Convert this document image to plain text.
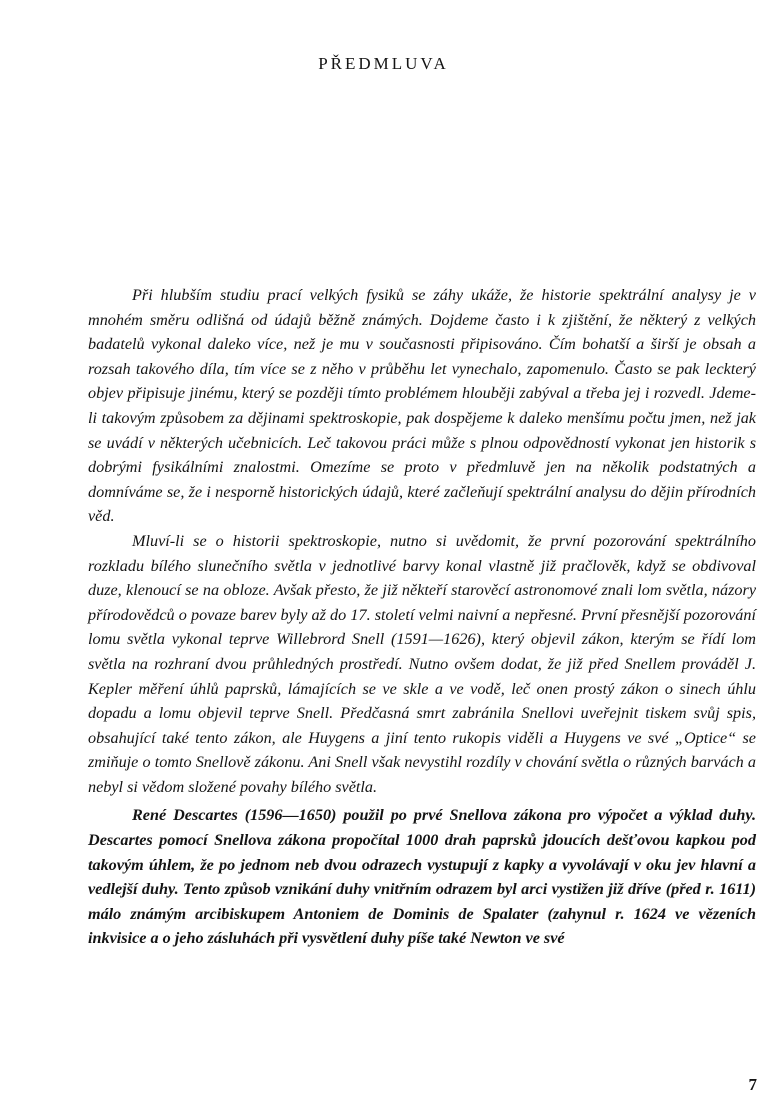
PŘEDMLUVA

Při hlubším studiu prací velkých fysiků se záhy ukáže, že historie spektrální analysy je v mnohém směru odlišná od údajů běžně známých. Dojdeme často i k zjištění, že některý z velkých badatelů vykonal daleko více, než je mu v současnosti připisováno. Čím bohatší a širší je obsah a rozsah takového díla, tím více se z něho v průběhu let vynechalo, zapomenulo. Často se pak leckterý objev připisuje jinému, který se později tímto problémem hlouběji zabýval a třeba jej i rozvedl. Jdeme-li takovým způsobem za dějinami spektroskopie, pak dospějeme k daleko menšímu počtu jmen, než jak se uvádí v některých učebnicích. Leč takovou práci může s plnou odpovědností vykonat jen historik s dobrými fysikálními znalostmi. Omezíme se proto v předmluvě jen na několik podstatných a domníváme se, že i nesporně historických údajů, které začleňují spektrální analysu do dějin přírodních věd.

Mluví-li se o historii spektroskopie, nutno si uvědomit, že první pozorování spektrálního rozkladu bílého slunečního světla v jednotlivé barvy konal vlastně již pračlověk, když se obdivoval duze, klenoucí se na obloze. Avšak přesto, že již někteří starověcí astronomové znali lom světla, názory přírodovědců o povaze barev byly až do 17. století velmi naivní a nepřesné. První přesnější pozorování lomu světla vykonal teprve Willebrord Snell (1591—1626), který objevil zákon, kterým se řídí lom světla na rozhraní dvou průhledných prostředí. Nutno ovšem dodat, že již před Snellem prováděl J. Kepler měření úhlů paprsků, lámajících se ve skle a ve vodě, leč onen prostý zákon o sinech úhlu dopadu a lomu objevil teprve Snell. Předčasná smrt zabránila Snellovi uveřejnit tiskem svůj spis, obsahující také tento zákon, ale Huygens a jiní tento rukopis viděli a Huygens ve své „Optice“ se zmiňuje o tomto Snellově zákonu. Ani Snell však nevystihl rozdíly v chování světla o různých barvách a nebyl si vědom složené povahy bílého světla.

René Descartes (1596—1650) použil po prvé Snellova zákona pro výpočet a výklad duhy. Descartes pomocí Snellova zákona propočítal 1000 drah paprsků jdoucích dešťovou kapkou pod takovým úhlem, že po jednom neb dvou odrazech vystupují z kapky a vyvolávají v oku jev hlavní a vedlejší duhy. Tento způsob vznikání duhy vnitřním odrazem byl arci vystižen již dříve (před r. 1611) málo známým arcibiskupem Antoniem de Dominis de Spalater (zahynul r. 1624 ve vězeních inkvisice a o jeho zásluhách při vysvětlení duhy píše také Newton ve své

7
